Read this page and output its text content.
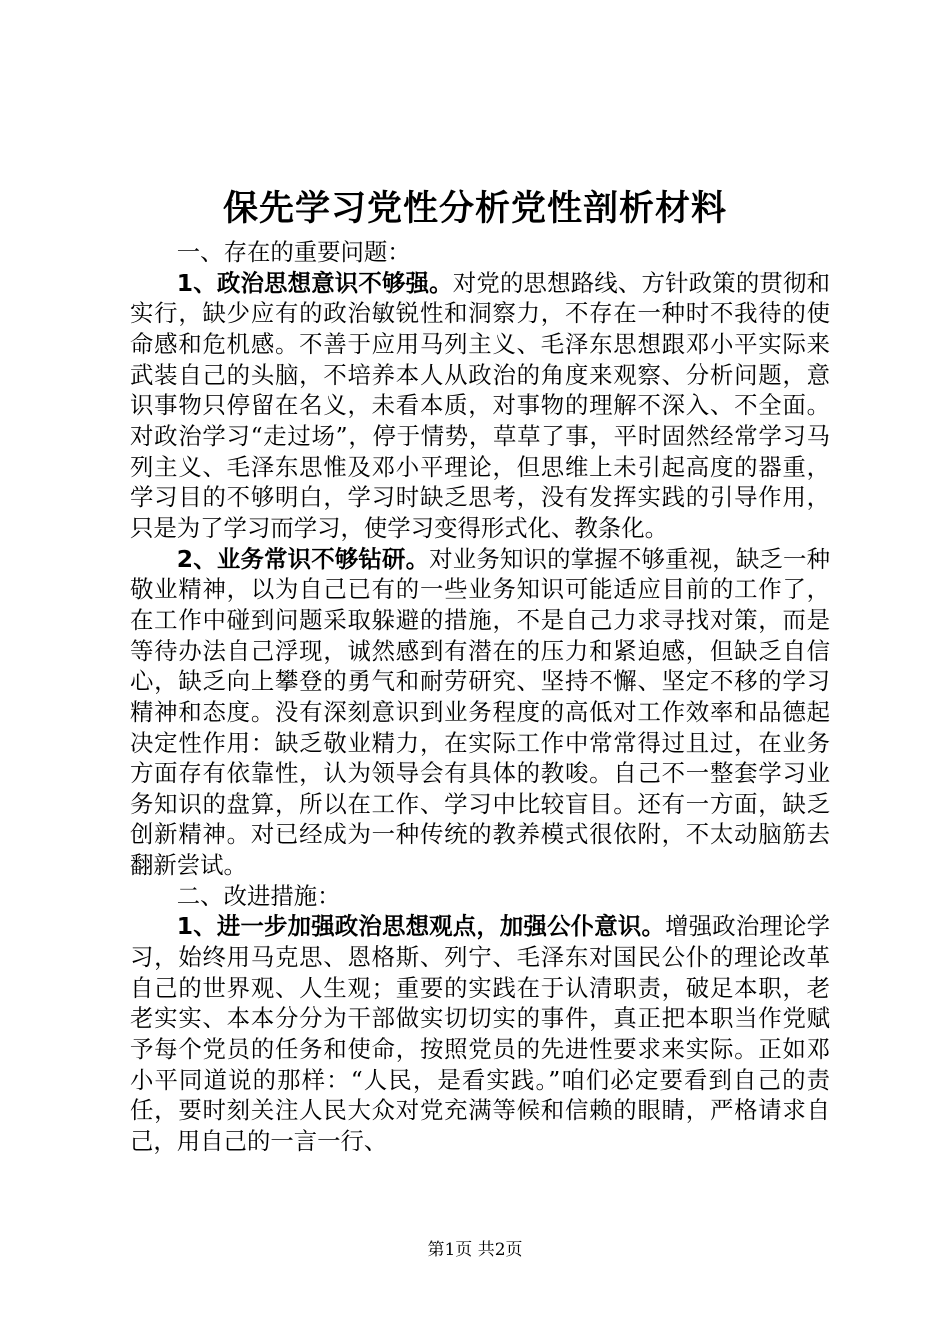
保先学习党性分析党性剖析材料

一、存在的重要问题：

1、政治思想意识不够强。对党的思想路线、方针政策的贯彻和实行，缺少应有的政治敏锐性和洞察力，不存在一种时不我待的使命感和危机感。不善于应用马列主义、毛泽东思想跟邓小平实际来武装自己的头脑，不培养本人从政治的角度来观察、分析问题，意识事物只停留在名义，未看本质，对事物的理解不深入、不全面。对政治学习“走过场”，停于情势，草草了事，平时固然经常学习马列主义、毛泽东思惟及邓小平理论，但思维上未引起高度的器重，学习目的不够明白，学习时缺乏思考，没有发挥实践的引导作用，只是为了学习而学习，使学习变得形式化、教条化。

2、业务常识不够钻研。对业务知识的掌握不够重视，缺乏一种敬业精神，以为自己已有的一些业务知识可能适应目前的工作了，在工作中碰到问题采取躲避的措施，不是自己力求寻找对策，而是等待办法自己浮现，诚然感到有潜在的压力和紧迫感，但缺乏自信心，缺乏向上攀登的勇气和耐劳研究、坚持不懈、坚定不移的学习精神和态度。没有深刻意识到业务程度的高低对工作效率和品德起决定性作用：缺乏敬业精力，在实际工作中常常得过且过，在业务方面存有依靠性，认为领导会有具体的教唆。自己不一整套学习业务知识的盘算，所以在工作、学习中比较盲目。还有一方面，缺乏创新精神。对已经成为一种传统的教养模式很依附，不太动脑筋去翻新尝试。

二、改进措施：

1、进一步加强政治思想观点，加强公仆意识。增强政治理论学习，始终用马克思、恩格斯、列宁、毛泽东对国民公仆的理论改革自己的世界观、人生观；重要的实践在于认清职责，破足本职，老老实实、本本分分为干部做实切切实的事件，真正把本职当作党赋予每个党员的任务和使命，按照党员的先进性要求来实际。正如邓小平同道说的那样：“人民，是看实践。”咱们必定要看到自己的责任，要时刻关注人民大众对党充满等候和信赖的眼睛，严格请求自己，用自己的一言一行、

第1页 共2页
